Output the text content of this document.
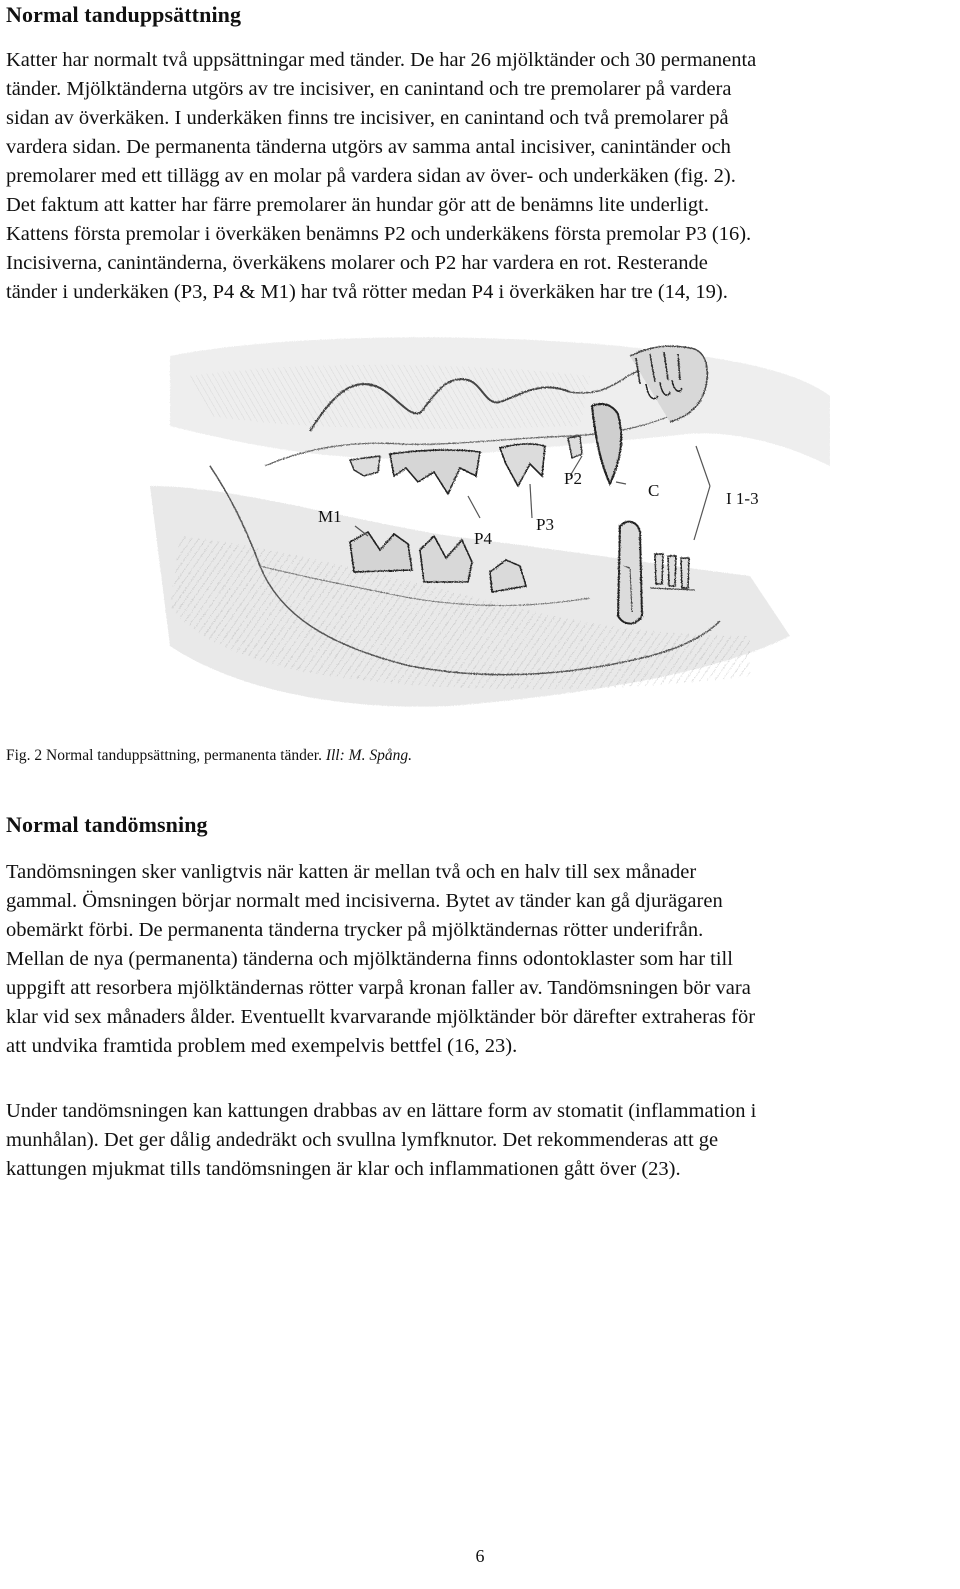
Normal tanduppsättning

Katter har normalt två uppsättningar med tänder. De har 26 mjölktänder och 30 permanenta
tänder. Mjölktänderna utgörs av tre incisiver, en canintand och tre premolarer på vardera
sidan av överkäken. I underkäken finns tre incisiver, en canintand och två premolarer på
vardera sidan. De permanenta tänderna utgörs av samma antal incisiver, canintänder och
premolarer med ett tillägg av en molar på vardera sidan av över- och underkäken (fig. 2).
Det faktum att katter har färre premolarer än hundar gör att de benämns lite underligt.
Kattens första premolar i överkäken benämns P2 och underkäkens första premolar P3 (16).
Incisiverna, canintänderna, överkäkens molarer och P2 har vardera en rot. Resterande
tänder i underkäken (P3, P4 & M1) har två rötter medan P4 i överkäken har tre (14, 19).

M1
P4
P3
P2
C	I 1-3
Fig. 2 Normal tanduppsättning, permanenta tänder. Ill: M. Spång.
Normal tandömsning

Tandömsningen sker vanligtvis när katten är mellan två och en halv till sex månader
gammal. Ömsningen börjar normalt med incisiverna. Bytet av tänder kan gå djurägaren
obemärkt förbi. De permanenta tänderna trycker på mjölktändernas rötter underifrån.
Mellan de nya (permanenta) tänderna och mjölktänderna finns odontoklaster som har till
uppgift att resorbera mjölktändernas rötter varpå kronan faller av. Tandömsningen bör vara
klar vid sex månaders ålder. Eventuellt kvarvarande mjölktänder bör därefter extraheras för
att undvika framtida problem med exempelvis bettfel (16, 23).

Under tandömsningen kan kattungen drabbas av en lättare form av stomatit (inflammation i
munhålan). Det ger dålig andedräkt och svullna lymfknutor. Det rekommenderas att ge
kattungen mjukmat tills tandömsningen är klar och inflammationen gått över (23).

6
